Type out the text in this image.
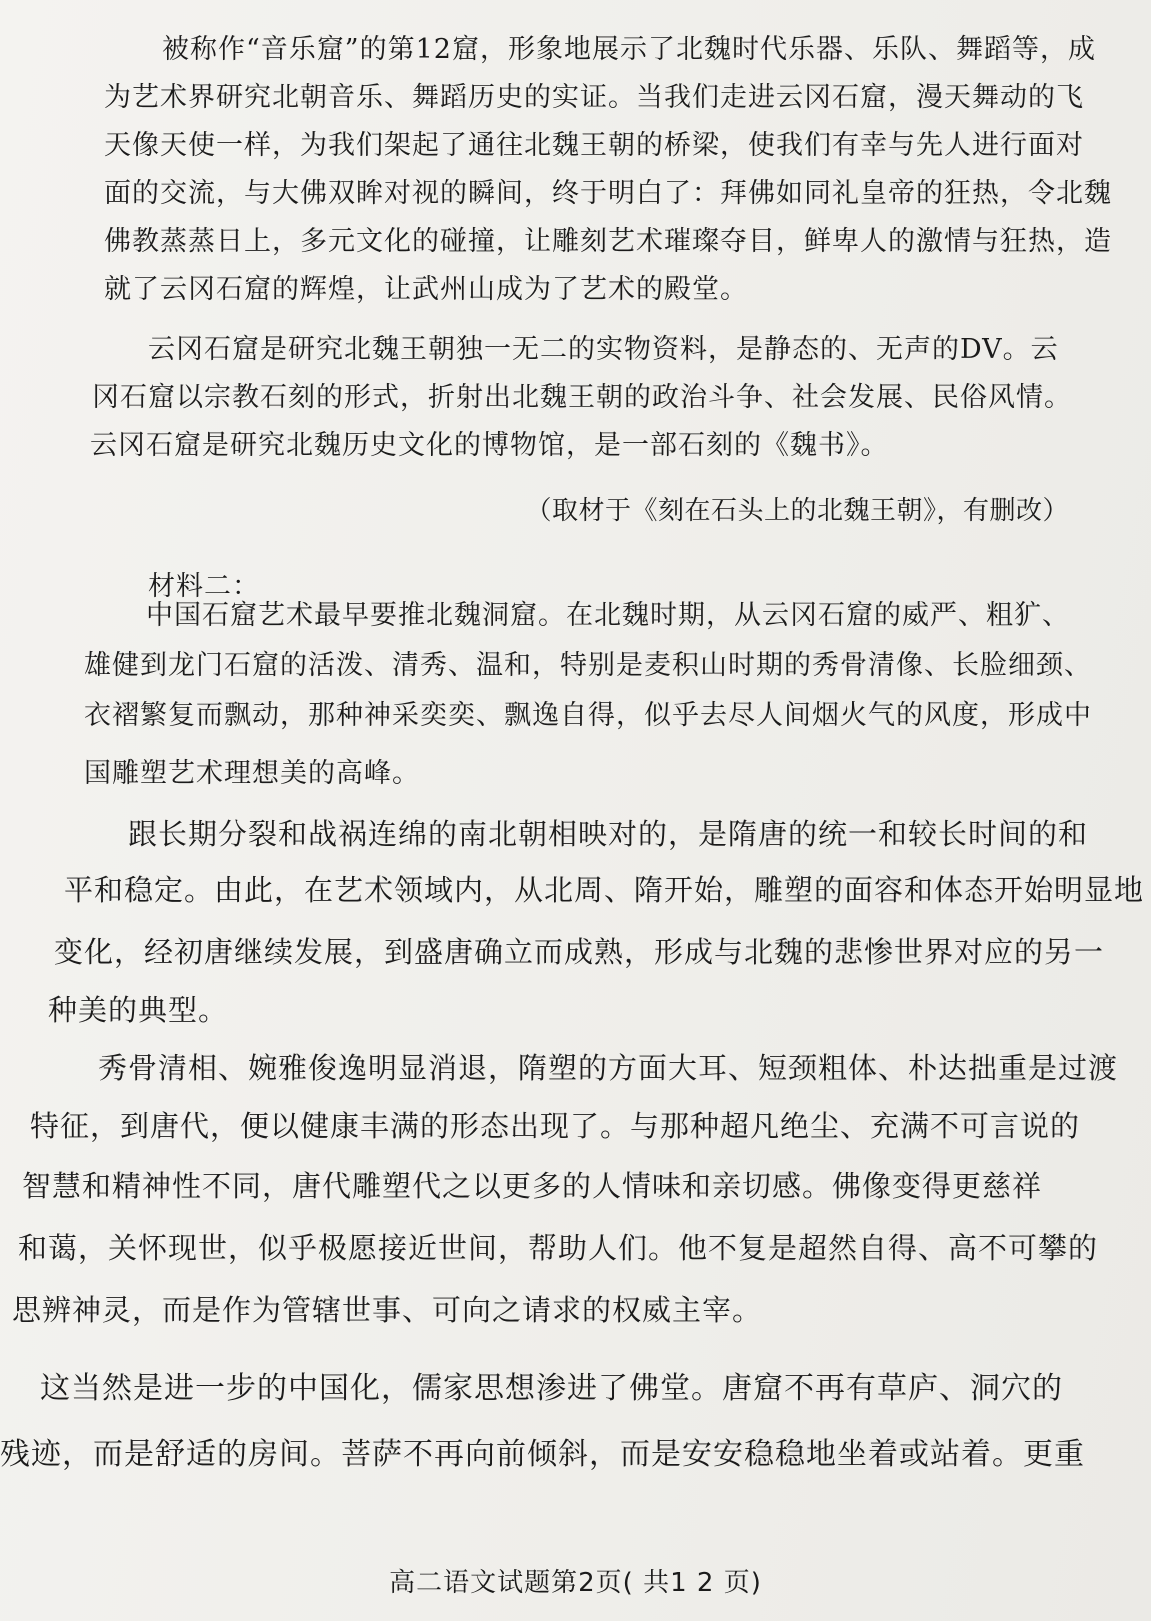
被称作“音乐窟”的第12窟，形象地展示了北魏时代乐器、乐队、舞蹈等，成
为艺术界研究北朝音乐、舞蹈历史的实证。当我们走进云冈石窟，漫天舞动的飞
天像天使一样，为我们架起了通往北魏王朝的桥梁，使我们有幸与先人进行面对
面的交流，与大佛双眸对视的瞬间，终于明白了：拜佛如同礼皇帝的狂热，令北魏
佛教蒸蒸日上，多元文化的碰撞，让雕刻艺术璀璨夺目，鲜卑人的激情与狂热，造
就了云冈石窟的辉煌，让武州山成为了艺术的殿堂。
云冈石窟是研究北魏王朝独一无二的实物资料，是静态的、无声的DV。云
冈石窟以宗教石刻的形式，折射出北魏王朝的政治斗争、社会发展、民俗风情。
云冈石窟是研究北魏历史文化的博物馆，是一部石刻的《魏书》。
（取材于《刻在石头上的北魏王朝》，有删改）
材料二：
中国石窟艺术最早要推北魏洞窟。在北魏时期，从云冈石窟的威严、粗犷、
雄健到龙门石窟的活泼、清秀、温和，特别是麦积山时期的秀骨清像、长脸细颈、
衣褶繁复而飘动，那种神采奕奕、飘逸自得，似乎去尽人间烟火气的风度，形成中
国雕塑艺术理想美的高峰。
跟长期分裂和战祸连绵的南北朝相映对的，是隋唐的统一和较长时间的和
平和稳定。由此，在艺术领域内，从北周、隋开始，雕塑的面容和体态开始明显地
变化，经初唐继续发展，到盛唐确立而成熟，形成与北魏的悲惨世界对应的另一
种美的典型。
秀骨清相、婉雅俊逸明显消退，隋塑的方面大耳、短颈粗体、朴达拙重是过渡
特征，到唐代，便以健康丰满的形态出现了。与那种超凡绝尘、充满不可言说的
智慧和精神性不同，唐代雕塑代之以更多的人情味和亲切感。佛像变得更慈祥
和蔼，关怀现世，似乎极愿接近世间，帮助人们。他不复是超然自得、高不可攀的
思辨神灵，而是作为管辖世事、可向之请求的权威主宰。
这当然是进一步的中国化，儒家思想渗进了佛堂。唐窟不再有草庐、洞穴的
残迹，而是舒适的房间。菩萨不再向前倾斜，而是安安稳稳地坐着或站着。更重
高二语文试题第2页( 共1 2 页)
